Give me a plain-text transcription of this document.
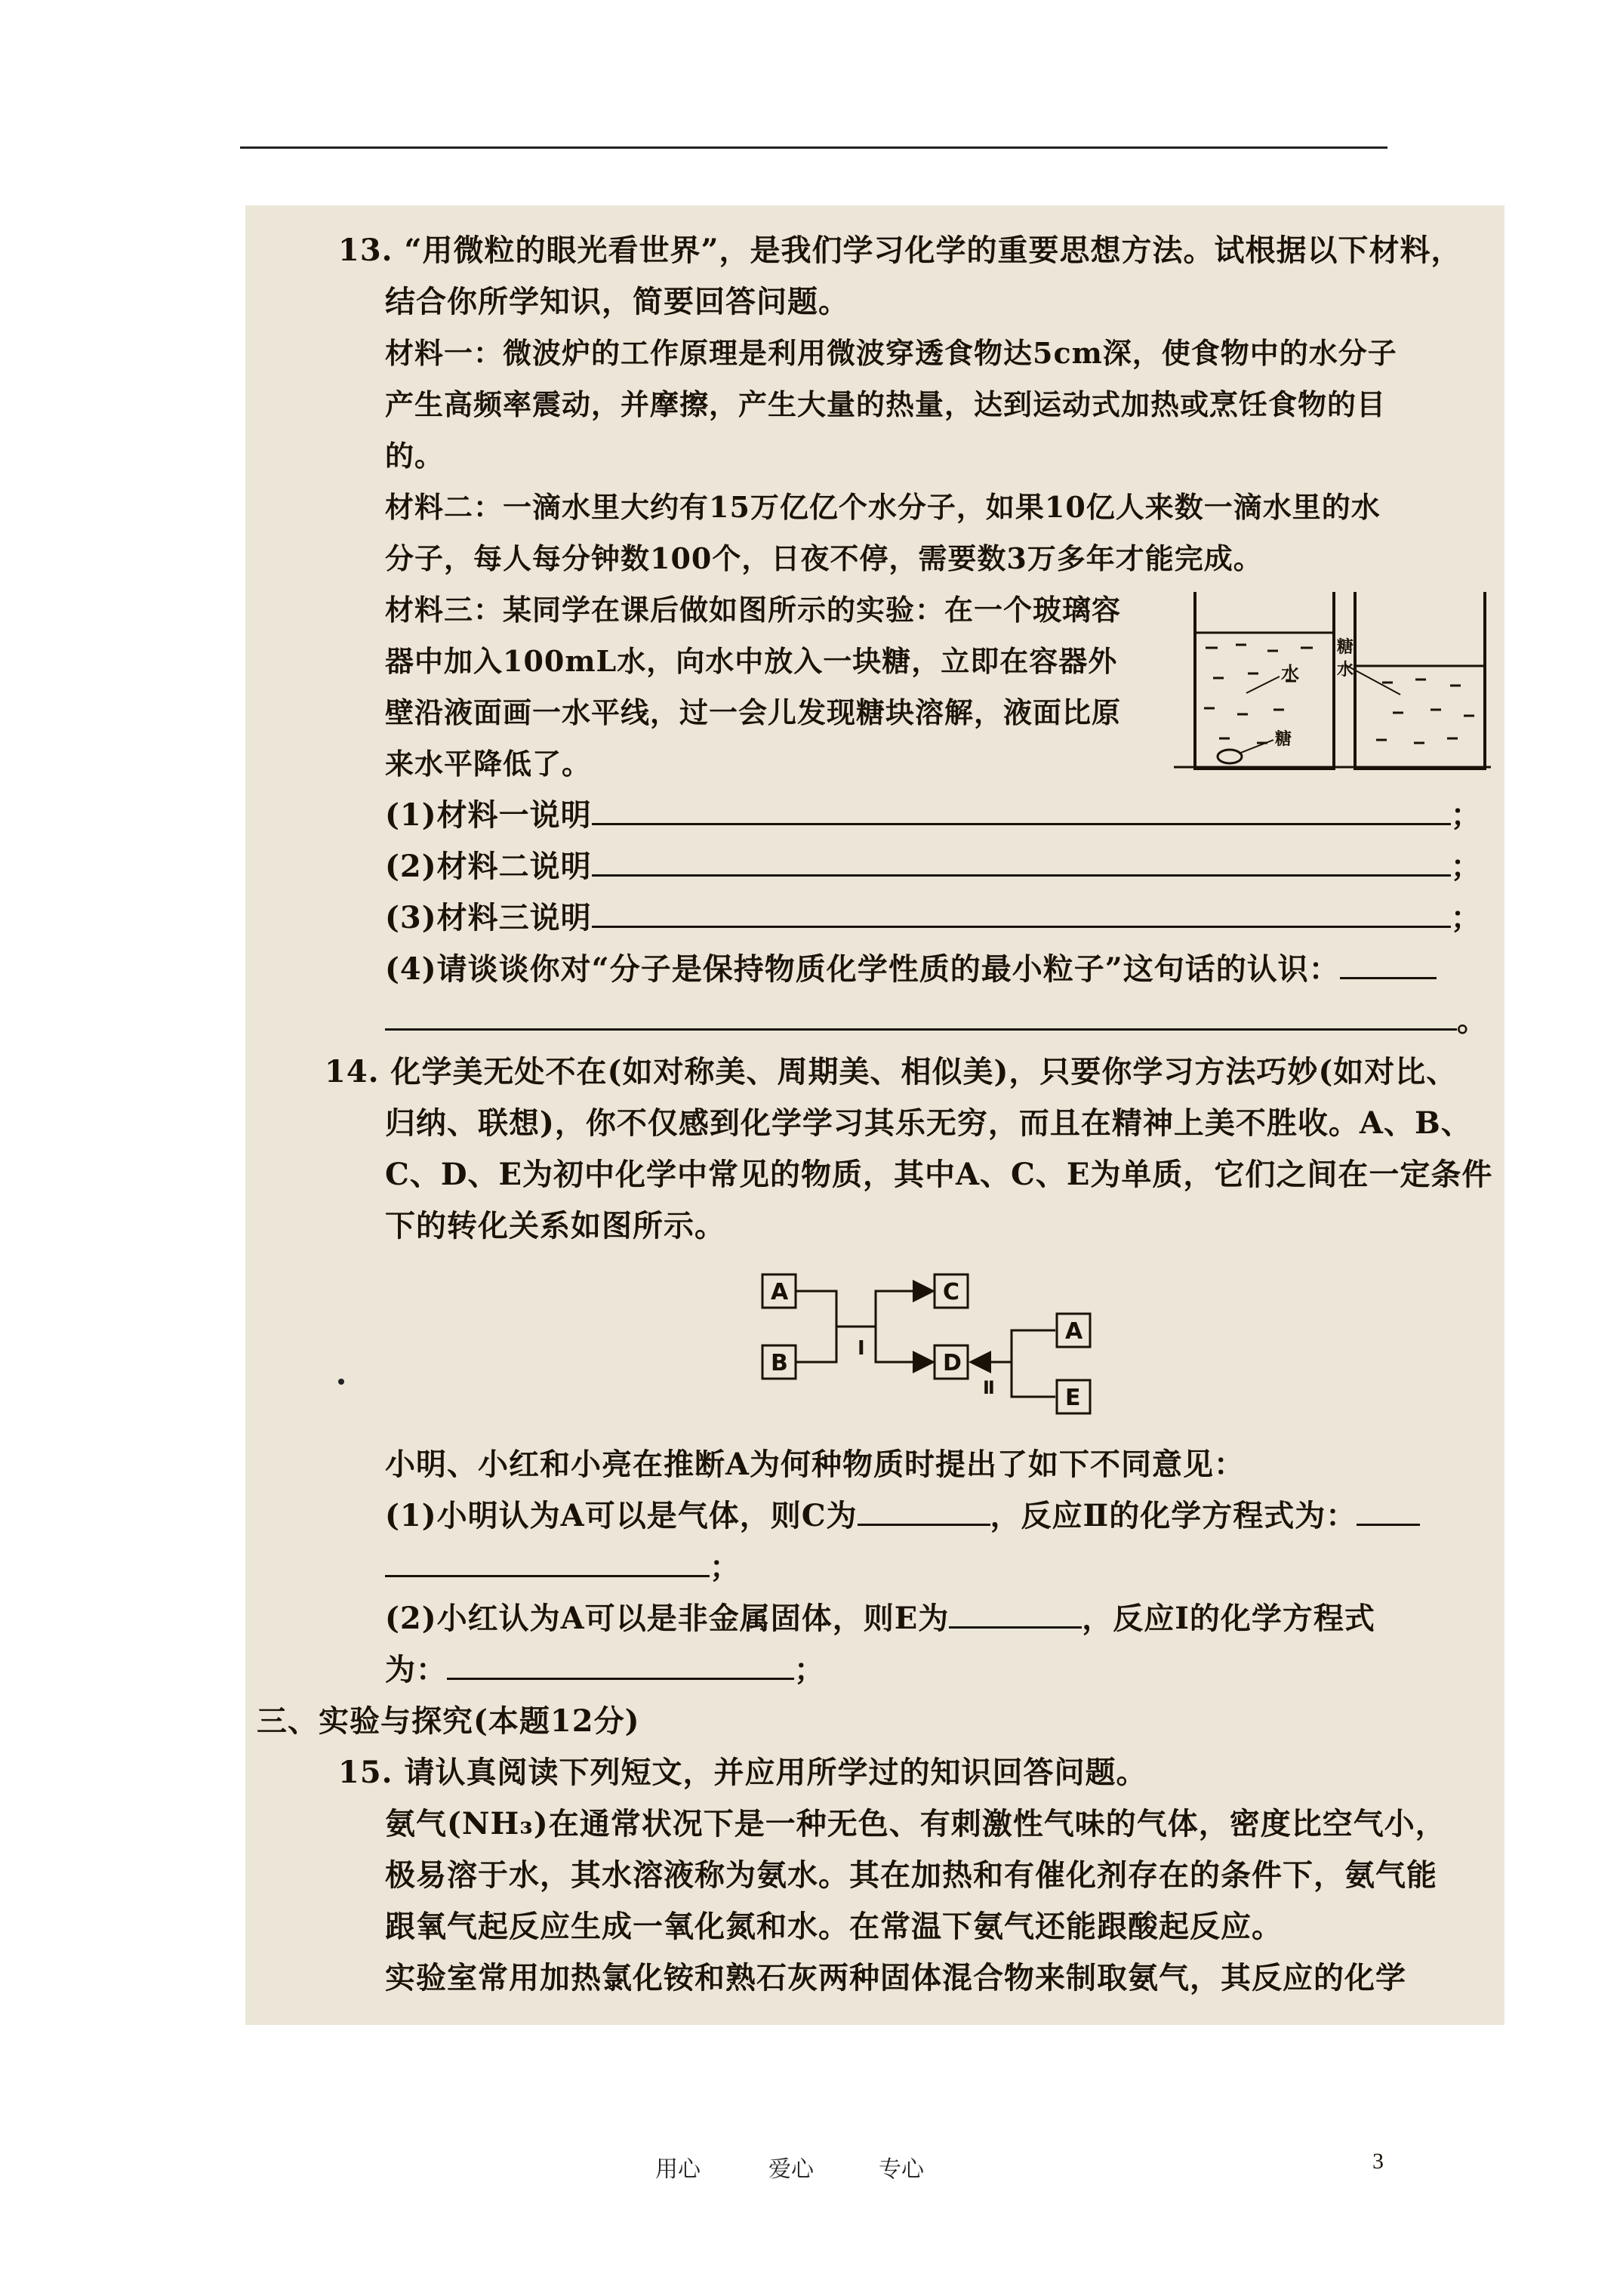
13. “用微粒的眼光看世界”，是我们学习化学的重要思想方法。试根据以下材料，
结合你所学知识，简要回答问题。
材料一：微波炉的工作原理是利用微波穿透食物达5cm深，使食物中的水分子
产生高频率震动，并摩擦，产生大量的热量，达到运动式加热或烹饪食物的目
的。
材料二：一滴水里大约有15万亿亿个水分子，如果10亿人来数一滴水里的水
分子，每人每分钟数100个，日夜不停，需要数3万多年才能完成。
材料三：某同学在课后做如图所示的实验：在一个玻璃容
器中加入100mL水，向水中放入一块糖，立即在容器外
壁沿液面画一水平线，过一会儿发现糖块溶解，液面比原
来水平降低了。
水
糖
糖
水
(1)材料一说明	；
(2)材料二说明	；
(3)材料三说明	；
(4)请谈谈你对“分子是保持物质化学性质的最小粒子”这句话的认识：
。
14. 化学美无处不在(如对称美、周期美、相似美)，只要你学习方法巧妙(如对比、
归纳、联想)，你不仅感到化学学习其乐无穷，而且在精神上美不胜收。A、B、
C、D、E为初中化学中常见的物质，其中A、C、E为单质，它们之间在一定条件
下的转化关系如图所示。
A
B
C
D
A
E
I
Ⅱ
小明、小红和小亮在推断A为何种物质时提出了如下不同意见：
(1)小明认为A可以是气体，则C为	，反应Ⅱ的化学方程式为：
；
(2)小红认为A可以是非金属固体，则E为	，反应Ⅰ的化学方程式
为：	；
三、实验与探究(本题12分)
15. 请认真阅读下列短文，并应用所学过的知识回答问题。
氨气(NH₃)在通常状况下是一种无色、有刺激性气味的气体，密度比空气小，
极易溶于水，其水溶液称为氨水。其在加热和有催化剂存在的条件下，氨气能
跟氧气起反应生成一氧化氮和水。在常温下氨气还能跟酸起反应。
实验室常用加热氯化铵和熟石灰两种固体混合物来制取氨气，其反应的化学
用心	爱心	专心	3
